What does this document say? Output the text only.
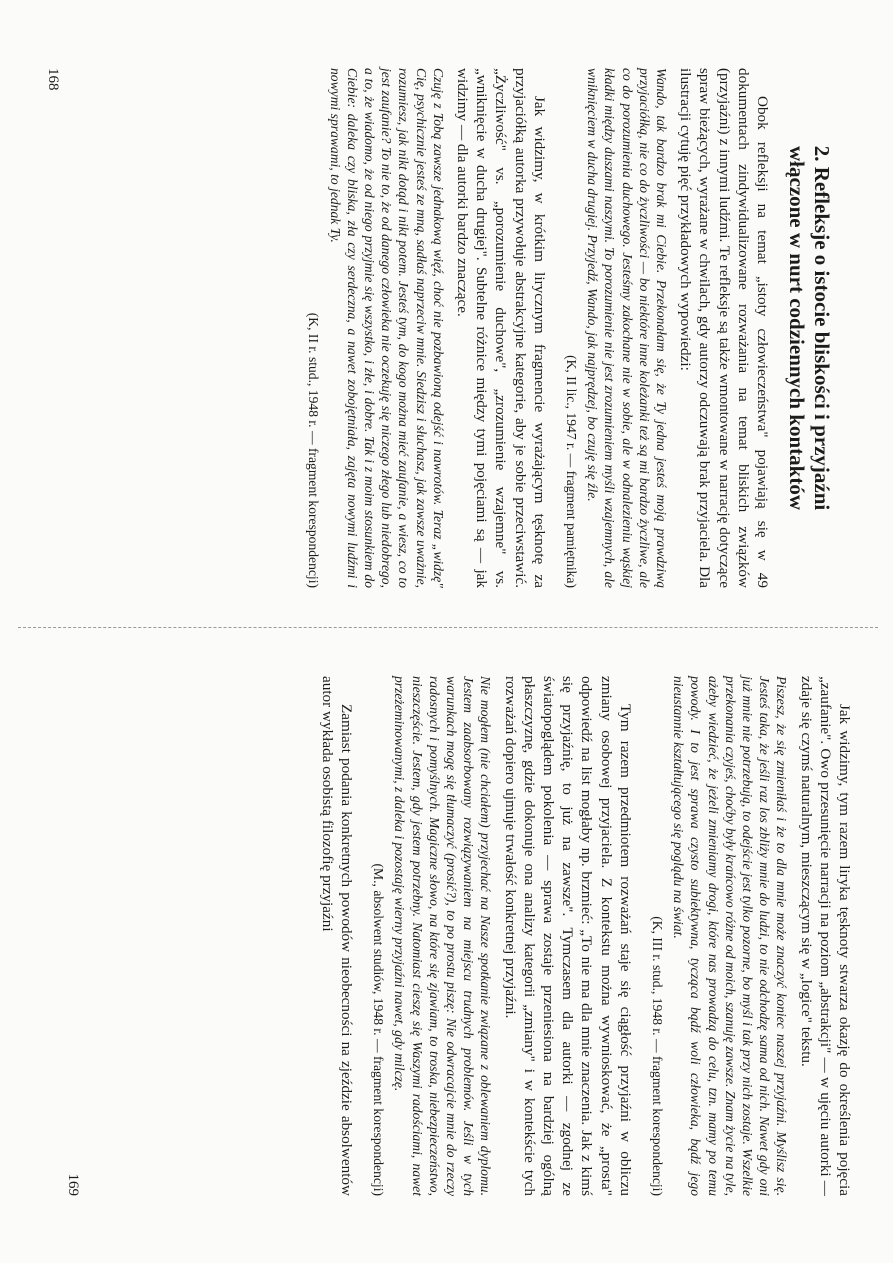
2. Refleksje o istocie bliskości i przyjaźni
włączone w nurt codziennych kontaktów

Obok refleksji na temat „istoty człowieczeństwa" pojawiają się w 49 dokumentach zindywidualizowane rozważania na temat bliskich związków (przyjaźni) z innymi ludźmi. Te refleksje są także wmontowane w narrację dotyczące spraw bieżących, wyrażane w chwilach, gdy autorzy odczuwają brak przyjaciela. Dla ilustracji cytuję pięć przykładowych wypowiedzi:

Wando, tak bardzo brak mi Ciebie. Przekonałam się, że Ty jedna jesteś moją prawdziwą przyjaciółką, nie co do życzliwości — bo niektóre inne koleżanki też są mi bardzo życzliwe, ale co do porozumienia duchowego. Jesteśmy zakochane nie w sobie, ale w odnalezieniu wąskiej kładki między duszami naszymi. To porozumienie nie jest zrozumieniem myśli wzajemnych, ale wniknięciem w ducha drugiej. Przyjedź, Wando, jak najprędzej, bo czuję się źle.

(K, II lic., 1947 r. — fragment pamiętnika)

Jak widzimy, w krótkim lirycznym fragmencie wyrażającym tęsknotę za przyjaciółką autorka przywołuje abstrakcyjne kategorie, aby je sobie przeciwstawić. „Życzliwość" vs. „porozumienie duchowe", „zrozumienie wzajemne" vs. „wniknięcie w ducha drugiej". Subtelne różnice między tymi pojęciami są — jak widzimy — dla autorki bardzo znaczące.

Czuję z Tobą zawsze jednakową więź, choć nie pozbawioną odejść i nawrotów. Teraz „widzę" Cię, psychicznie jesteś ze mną, sadłaś naprzeciw mnie. Siedzisz i słuchasz, jak zawsze uważnie, rozumiesz, jak nikt dotąd i nikt potem. Jesteś tym, do kogo można mieć zaufanie, a wiesz, co to jest zaufanie? To nie to, że od danego człowieka nie oczekuję się niczego złego lub niedobrego, a to, że wiadomo, że od niego przyjmie się wszystko, i złe, i dobre. Tak i z moim stosunkiem do Ciebie: daleka czy bliska, zła czy serdeczna, a nawet zobojętniała, zajęta nowymi ludźmi i nowymi sprawami, to jednak Ty.

(K, II r. stud., 1948 r. — fragment korespondencji)

168

Jak widzimy, tym razem liryka tęsknoty stwarza okazję do określenia pojęcia „zaufanie". Owo przesunięcie narracji na poziom „abstrakcji" — w ujęciu autorki — zdaje się czymś naturalnym, mieszczącym się w „logice" tekstu.

Piszesz, że się zmieniłaś i że to dla mnie może znaczyć koniec naszej przyjaźni. Myślisz się. Jesteś taka, że jeśli raz los zbliży mnie do ludzi, to nie odchodzę sama od nich. Nawet gdy oni już mnie nie potrzebują, to odejście jest tylko pozorne, bo myśl i tak przy nich zostaje. Wszelkie przekonania czyjeś, choćby były krańcowo różne od moich, szanuję zawsze. Znam życie na tyle, ażeby wiedzieć, że jeżeli zmieniamy drogi, które nas prowadzą do celu, tzn. mamy po temu powody. I to jest sprawa czysto subiektywna, tycząca bądź woli człowieka, bądź jego nieustannie kształtującego się poglądu na świat.

(K, III r. stud., 1948 r. — fragment korespondencji)

Tym razem przedmiotem rozważań staje się ciągłość przyjaźni w obliczu zmiany osobowej przyjaciela. Z kontekstu można wywnioskować, że „prosta" odpowiedź na list mogłaby np. brzmieć: „To nie ma dla mnie znaczenia. Jak z kimś się przyjaźnię, to już na zawsze". Tymczasem dla autorki — zgodnej ze światopoglądem pokolenia — sprawa zostaje przeniesiona na bardziej ogólną płaszczyznę, gdzie dokonuje ona analizy kategorii „zmiany" i w kontekście tych rozważań dopiero ujmuje trwałość konkretnej przyjaźni.

Nie mogłem (nie chciałem) przyjechać na Nasze spotkanie związane z oblewaniem dyplomu. Jestem zaabsorbowany rozwiązywaniem na miejscu trudnych problemów. Jeśli w tych warunkach mogę się tłumaczyć (prosić?), to po prostu piszę: Nie odwracajcie mnie do rzeczy radosnych i pomyślnych. Magiczne słowo, na które się zjawiam, to troska, niebezpieczeństwo, nieszczęście. Jestem, gdy jestem potrzebny. Natomiast cieszę się Waszymi radościami, nawet przeżeminowanymi, z daleka i pozostaję wierny przyjaźni nawet, gdy milczę.

(M., absolwent studiów, 1948 r. — fragment korespondencji)

Zamiast podania konkretnych powodów nieobecności na zjeździe absolwentów autor wykłada osobistą filozofię przyjaźni

169
